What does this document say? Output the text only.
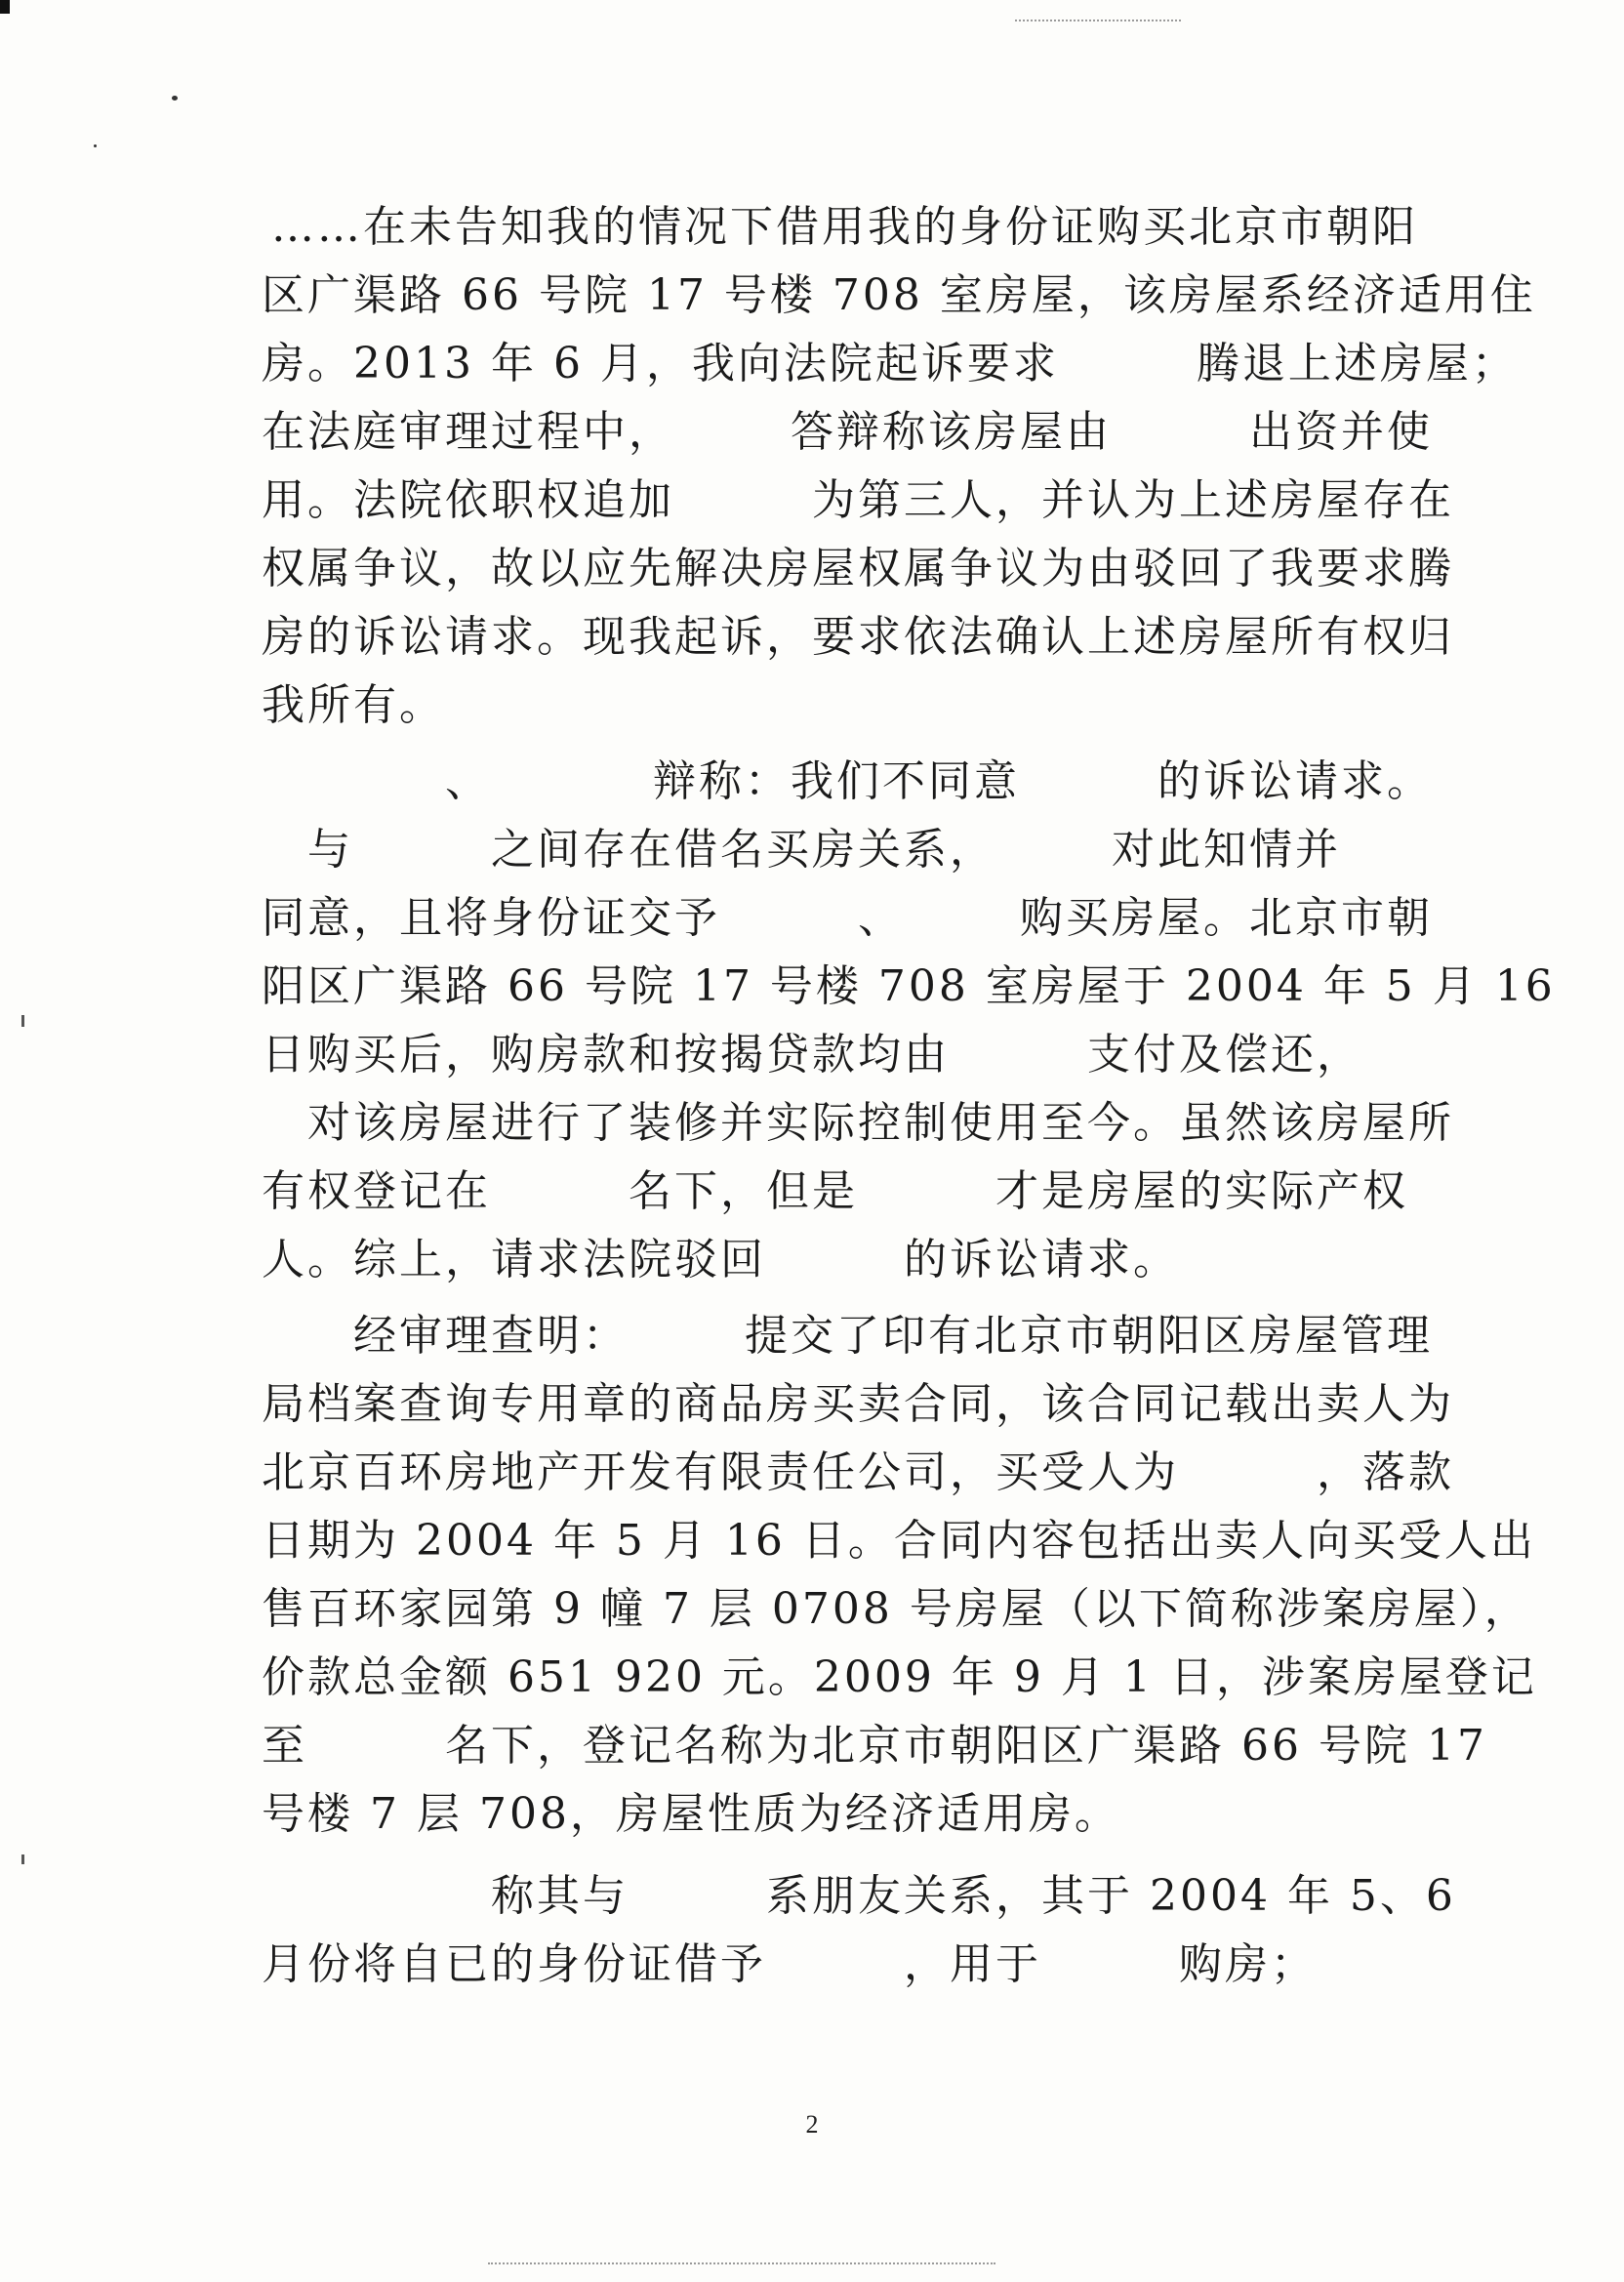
……在未告知我的情况下借用我的身份证购买北京市朝阳
区广渠路 66 号院 17 号楼 708 室房屋，该房屋系经济适用住
房。2013 年 6 月，我向法院起诉要求　　　腾退上述房屋；
在法庭审理过程中，　　　答辩称该房屋由　　　出资并使
用。法院依职权追加　　　为第三人，并认为上述房屋存在
权属争议，故以应先解决房屋权属争议为由驳回了我要求腾
房的诉讼请求。现我起诉，要求依法确认上述房屋所有权归
我所有。
　　　　、　　　　辩称：我们不同意　　　的诉讼请求。
　与　　　之间存在借名买房关系，　　　对此知情并
同意，且将身份证交予　　　、　　　购买房屋。北京市朝
阳区广渠路 66 号院 17 号楼 708 室房屋于 2004 年 5 月 16
日购买后，购房款和按揭贷款均由　　　支付及偿还，
　对该房屋进行了装修并实际控制使用至今。虽然该房屋所
有权登记在　　　名下，但是　　　才是房屋的实际产权
人。综上，请求法院驳回　　　的诉讼请求。
　　经审理查明：　　　提交了印有北京市朝阳区房屋管理
局档案查询专用章的商品房买卖合同，该合同记载出卖人为
北京百环房地产开发有限责任公司，买受人为　　　，落款
日期为 2004 年 5 月 16 日。合同内容包括出卖人向买受人出
售百环家园第 9 幢 7 层 0708 号房屋（以下简称涉案房屋），
价款总金额 651 920 元。2009 年 9 月 1 日，涉案房屋登记
至　　　名下，登记名称为北京市朝阳区广渠路 66 号院 17
号楼 7 层 708，房屋性质为经济适用房。
　　　　　称其与　　　系朋友关系，其于 2004 年 5、6
月份将自已的身份证借予　　　，用于　　　购房；
2
